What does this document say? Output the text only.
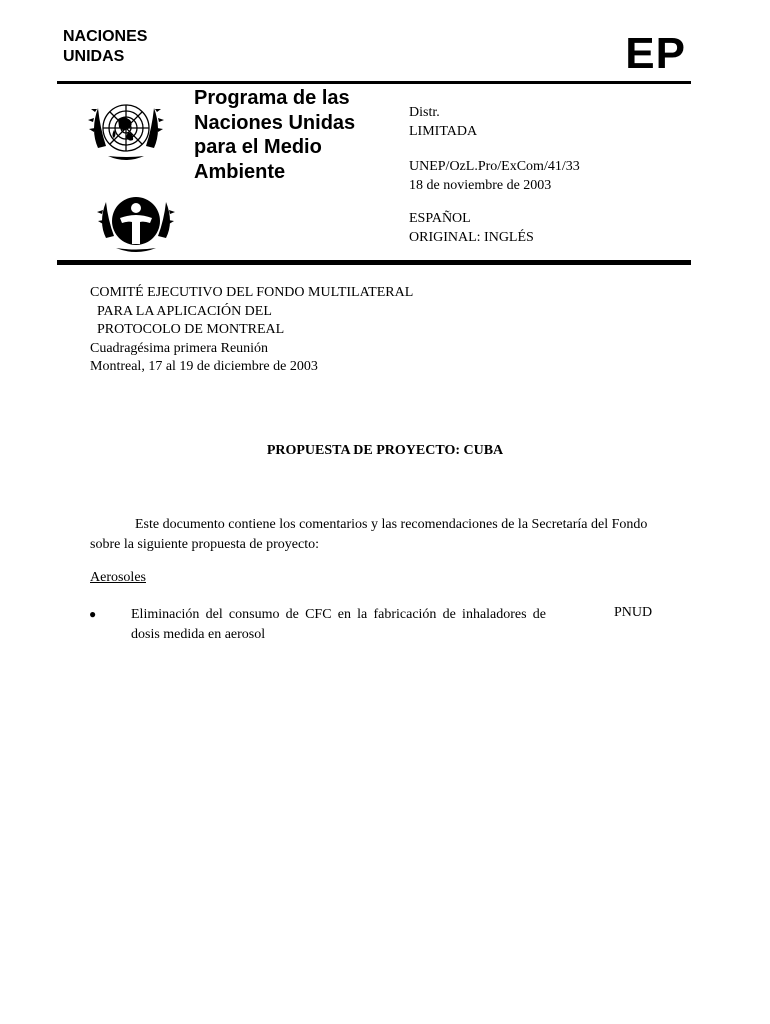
NACIONES
UNIDAS	EP
Programa de las
Naciones Unidas
para el Medio
Ambiente
Distr.
LIMITADA
UNEP/OzL.Pro/ExCom/41/33
18 de noviembre de 2003
ESPAÑOL
ORIGINAL: INGLÉS
COMITÉ EJECUTIVO DEL FONDO MULTILATERAL
PARA LA APLICACIÓN DEL
PROTOCOLO DE MONTREAL
Cuadragésima primera Reunión
Montreal, 17 al 19 de diciembre de 2003
PROPUESTA DE PROYECTO: CUBA
Este documento contiene los comentarios y las recomendaciones de la Secretaría del Fondo sobre la siguiente propuesta de proyecto:
Aerosoles
● Eliminación del consumo de CFC en la fabricación de inhaladores de dosis medida en aerosol
PNUD
